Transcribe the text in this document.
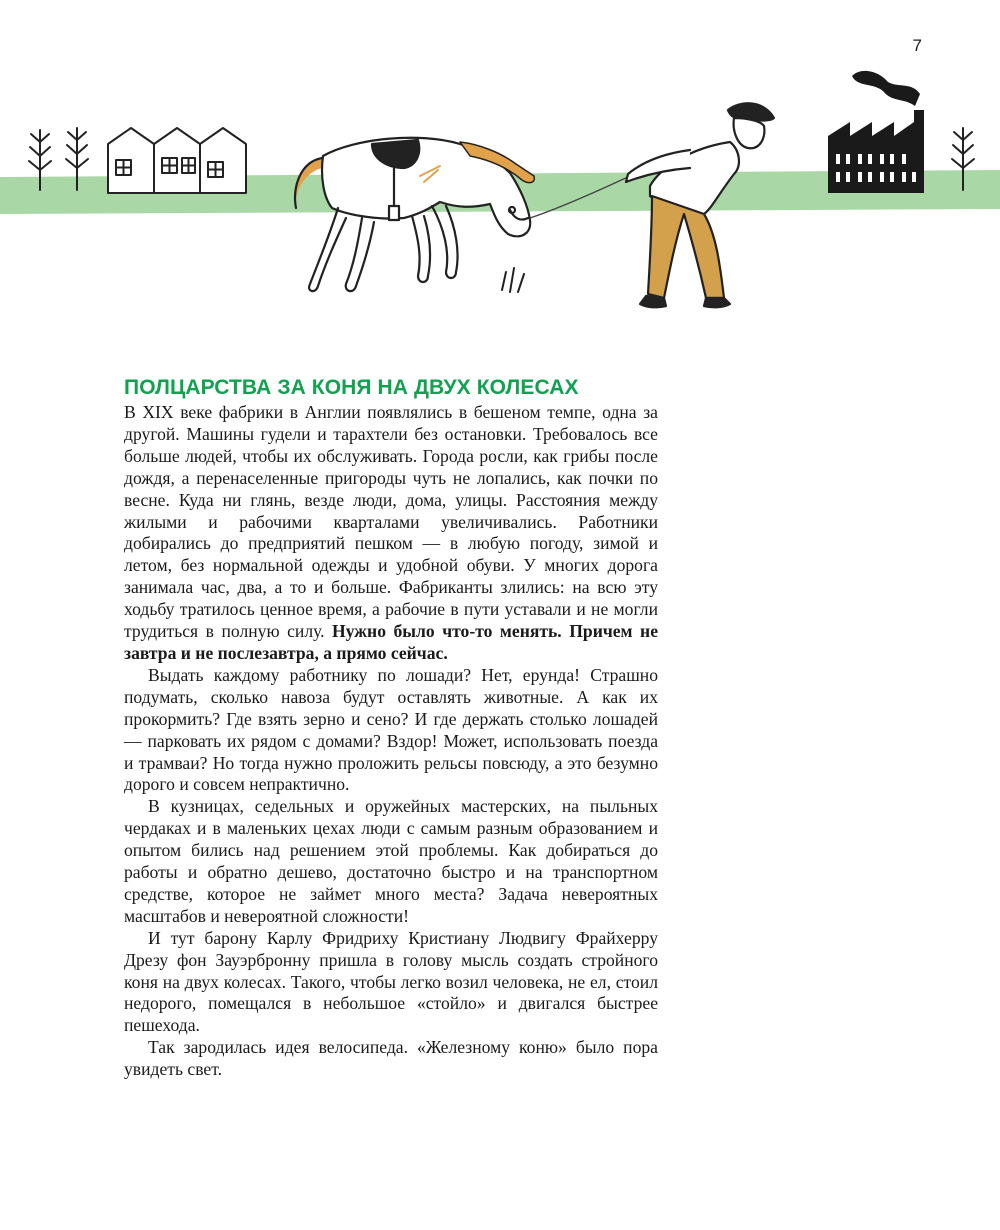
7
ПОЛЦАРСТВА ЗА КОНЯ НА ДВУХ КОЛЕСАХ

В XIX веке фабрики в Англии появлялись в бешеном темпе, одна за другой. Машины гудели и тарахтели без остановки. Требовалось все больше людей, чтобы их обслуживать. Города росли, как грибы после дождя, а перенаселенные пригороды чуть не лопались, как почки по весне. Куда ни глянь, везде люди, дома, улицы. Расстояния между жилыми и рабочими кварталами увеличивались. Работники добирались до предприятий пешком — в любую погоду, зимой и летом, без нормальной одежды и удобной обуви. У многих дорога занимала час, два, а то и больше. Фабриканты злились: на всю эту ходьбу тратилось ценное время, а рабочие в пути уставали и не могли трудиться в полную силу. Нужно было что-то менять. Причем не завтра и не послезавтра, а прямо сейчас.

Выдать каждому работнику по лошади? Нет, ерунда! Страшно подумать, сколько навоза будут оставлять животные. А как их прокормить? Где взять зерно и сено? И где держать столько лошадей — парковать их рядом с домами? Вздор! Может, использовать поезда и трамваи? Но тогда нужно проложить рельсы повсюду, а это безумно дорого и совсем непрактично.

В кузницах, седельных и оружейных мастерских, на пыльных чердаках и в маленьких цехах люди с самым разным образованием и опытом бились над решением этой проблемы. Как добираться до работы и обратно дешево, достаточно быстро и на транспортном средстве, которое не займет много места? Задача невероятных масштабов и невероятной сложности!

И тут барону Карлу Фридриху Кристиану Людвигу Фрайхерру Дрезу фон Зауэрбронну пришла в голову мысль создать стройного коня на двух колесах. Такого, чтобы легко возил человека, не ел, стоил недорого, помещался в небольшое «стойло» и двигался быстрее пешехода.

Так зародилась идея велосипеда. «Железному коню» было пора увидеть свет.
